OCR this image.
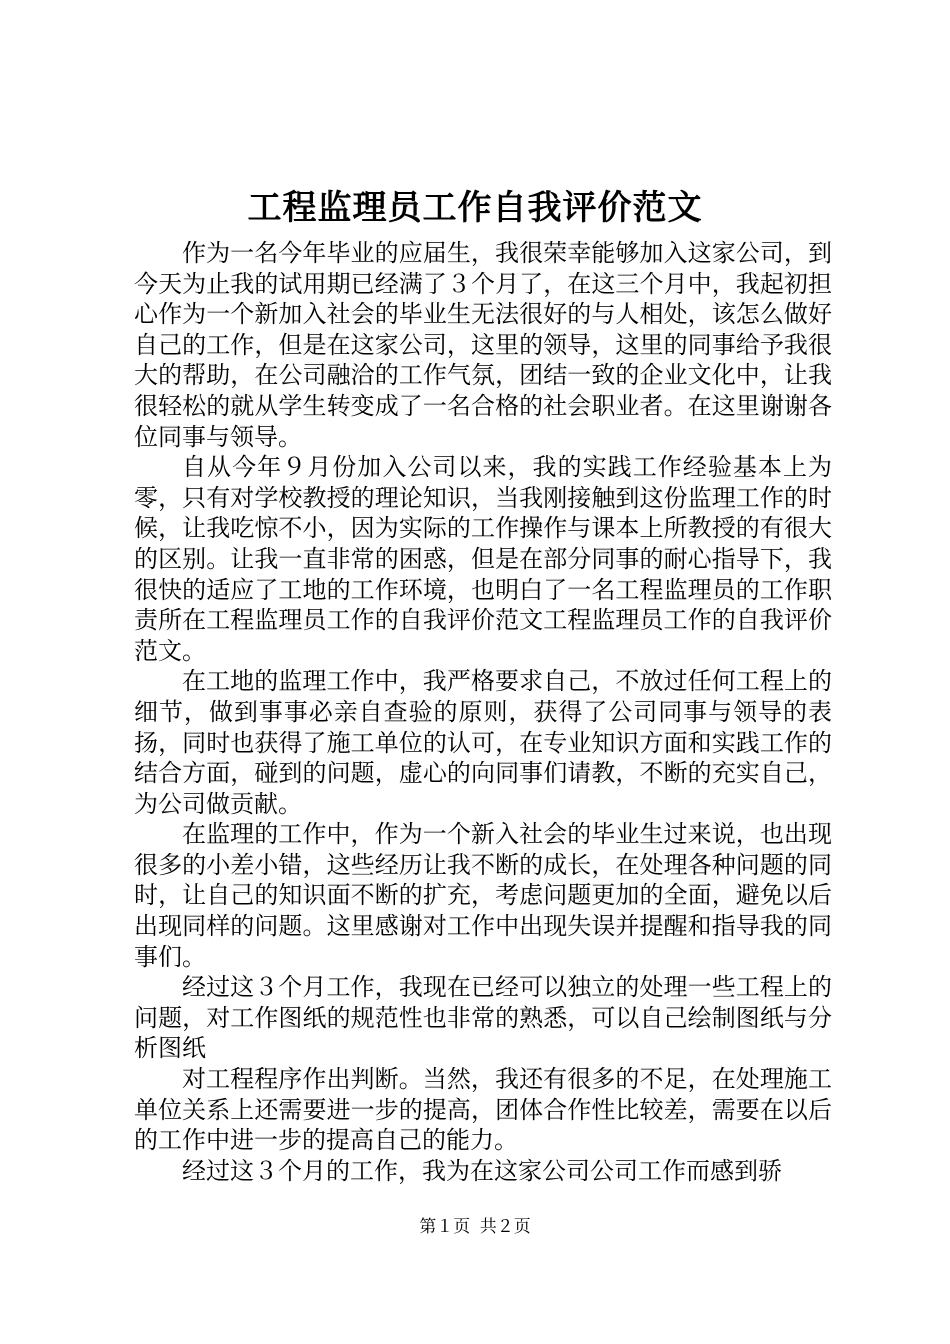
工程监理员工作自我评价范文

作为一名今年毕业的应届生，我很荣幸能够加入这家公司，到今天为止我的试用期已经满了３个月了，在这三个月中，我起初担心作为一个新加入社会的毕业生无法很好的与人相处，该怎么做好自己的工作，但是在这家公司，这里的领导，这里的同事给予我很大的帮助，在公司融洽的工作气氛，团结一致的企业文化中，让我很轻松的就从学生转变成了一名合格的社会职业者。在这里谢谢各位同事与领导。

自从今年９月份加入公司以来，我的实践工作经验基本上为零，只有对学校教授的理论知识，当我刚接触到这份监理工作的时候，让我吃惊不小，因为实际的工作操作与课本上所教授的有很大的区别。让我一直非常的困惑，但是在部分同事的耐心指导下，我很快的适应了工地的工作环境，也明白了一名工程监理员的工作职责所在工程监理员工作的自我评价范文工程监理员工作的自我评价范文。

在工地的监理工作中，我严格要求自己，不放过任何工程上的细节，做到事事必亲自查验的原则，获得了公司同事与领导的表扬，同时也获得了施工单位的认可，在专业知识方面和实践工作的结合方面，碰到的问题，虚心的向同事们请教，不断的充实自己，为公司做贡献。

在监理的工作中，作为一个新入社会的毕业生过来说，也出现很多的小差小错，这些经历让我不断的成长，在处理各种问题的同时，让自己的知识面不断的扩充，考虑问题更加的全面，避免以后出现同样的问题。这里感谢对工作中出现失误并提醒和指导我的同事们。

经过这３个月工作，我现在已经可以独立的处理一些工程上的问题，对工作图纸的规范性也非常的熟悉，可以自己绘制图纸与分析图纸

对工程程序作出判断。当然，我还有很多的不足，在处理施工单位关系上还需要进一步的提高，团体合作性比较差，需要在以后的工作中进一步的提高自己的能力。

经过这３个月的工作，我为在这家公司公司工作而感到骄

第１页 共２页
